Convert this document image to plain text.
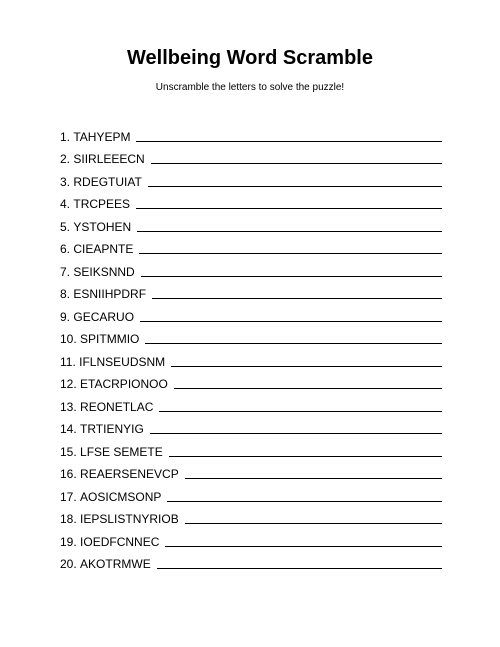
Wellbeing Word Scramble

Unscramble the letters to solve the puzzle!

1.
TAHYEPM
2.
SIIRLEEECN
3.
RDEGTUIAT
4.
TRCPEES
5.
YSTOHEN
6.
CIEAPNTE
7.
SEIKSNND
8.
ESNIIHPDRF
9.
GECARUO
10.
SPITMMIO
11.
IFLNSEUDSNM
12.
ETACRPIONOO
13.
REONETLAC
14.
TRTIENYIG
15.
LFSE SEMETE
16.
REAERSENEVCP
17.
AOSICMSONP
18.
IEPSLISTNYRIOB
19.
IOEDFCNNEC
20.
AKOTRMWE
